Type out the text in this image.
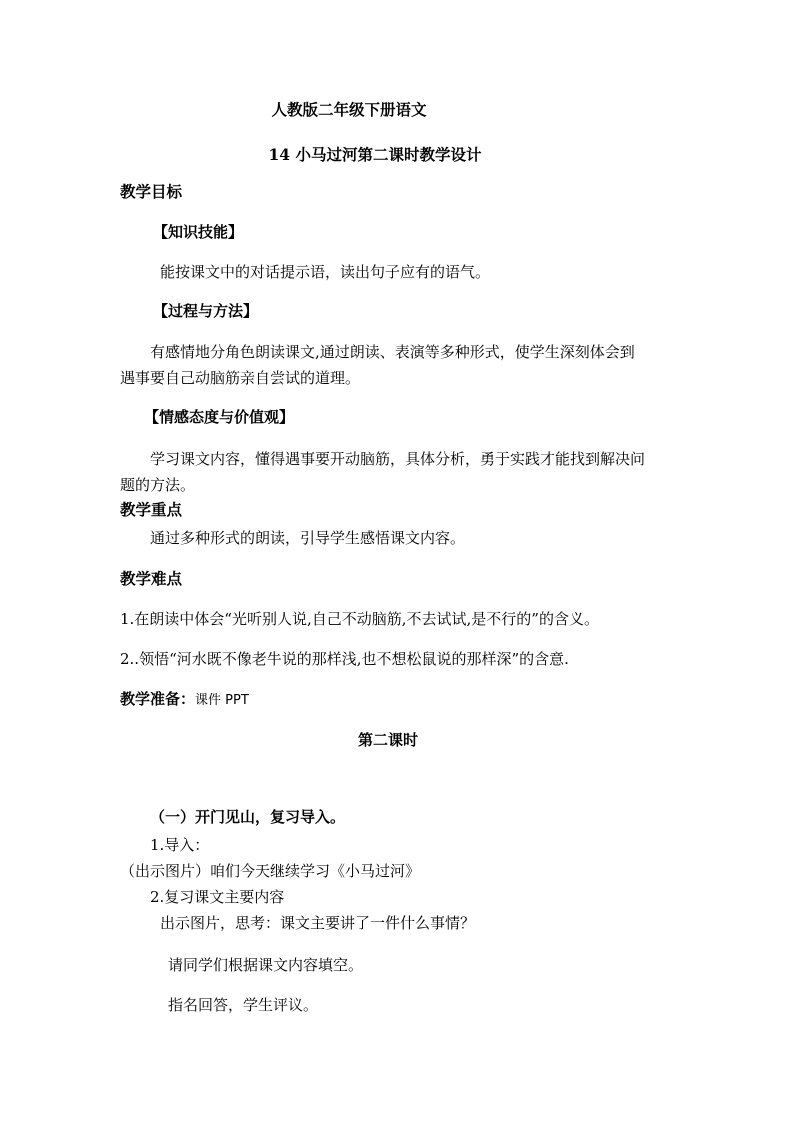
人教版二年级下册语文
14 小马过河第二课时教学设计
教学目标
【知识技能】
能按课文中的对话提示语，读出句子应有的语气。
【过程与方法】
有感情地分角色朗读课文,通过朗读、表演等多种形式，使学生深刻体会到
遇事要自己动脑筋亲自尝试的道理。
【情感态度与价值观】
学习课文内容，懂得遇事要开动脑筋，具体分析，勇于实践才能找到解决问
题的方法。
教学重点
通过多种形式的朗读，引导学生感悟课文内容。
教学难点
1.在朗读中体会“光听别人说,自己不动脑筋,不去试试,是不行的”的含义。
2..领悟“河水既不像老牛说的那样浅,也不想松鼠说的那样深”的含意.
教学准备：课件 PPT
第二课时
（一）开门见山，复习导入。
1.导入：
（出示图片）咱们今天继续学习《小马过河》
2.复习课文主要内容
出示图片，思考：课文主要讲了一件什么事情？
请同学们根据课文内容填空。
指名回答，学生评议。
